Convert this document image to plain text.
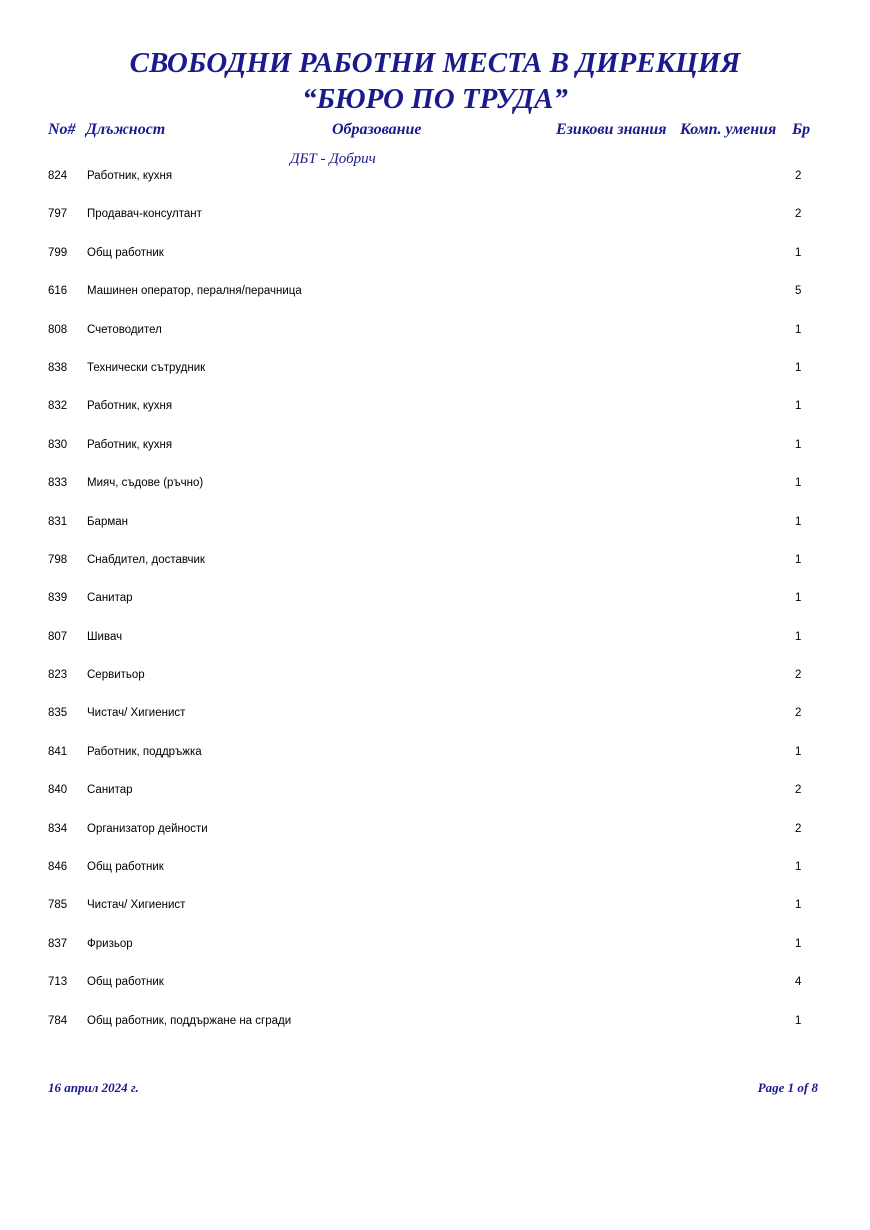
СВОБОДНИ РАБОТНИ МЕСТА В ДИРЕКЦИЯ
“БЮРО ПО ТРУДА”
No# Длъжност	Образование	Езикови знания Комп. умения Бр
ДБТ - Добрич
824 Работник, кухня	2
797 Продавач-консултант	2
799 Общ работник	1
616 Машинен оператор, пералня/перачница	5
808 Счетоводител	1
838 Технически сътрудник	1
832 Работник, кухня	1
830 Работник, кухня	1
833 Мияч, съдове (ръчно)	1
831 Барман	1
798 Снабдител, доставчик	1
839 Санитар	1
807 Шивач	1
823 Сервитьор	2
835 Чистач/ Хигиенист	2
841 Работник, поддръжка	1
840 Санитар	2
834 Организатор дейности	2
846 Общ работник	1
785 Чистач/ Хигиенист	1
837 Фризьор	1
713 Общ работник	4
784 Общ работник, поддържане на сгради	1
16 април 2024 г.	Page 1 of 8
